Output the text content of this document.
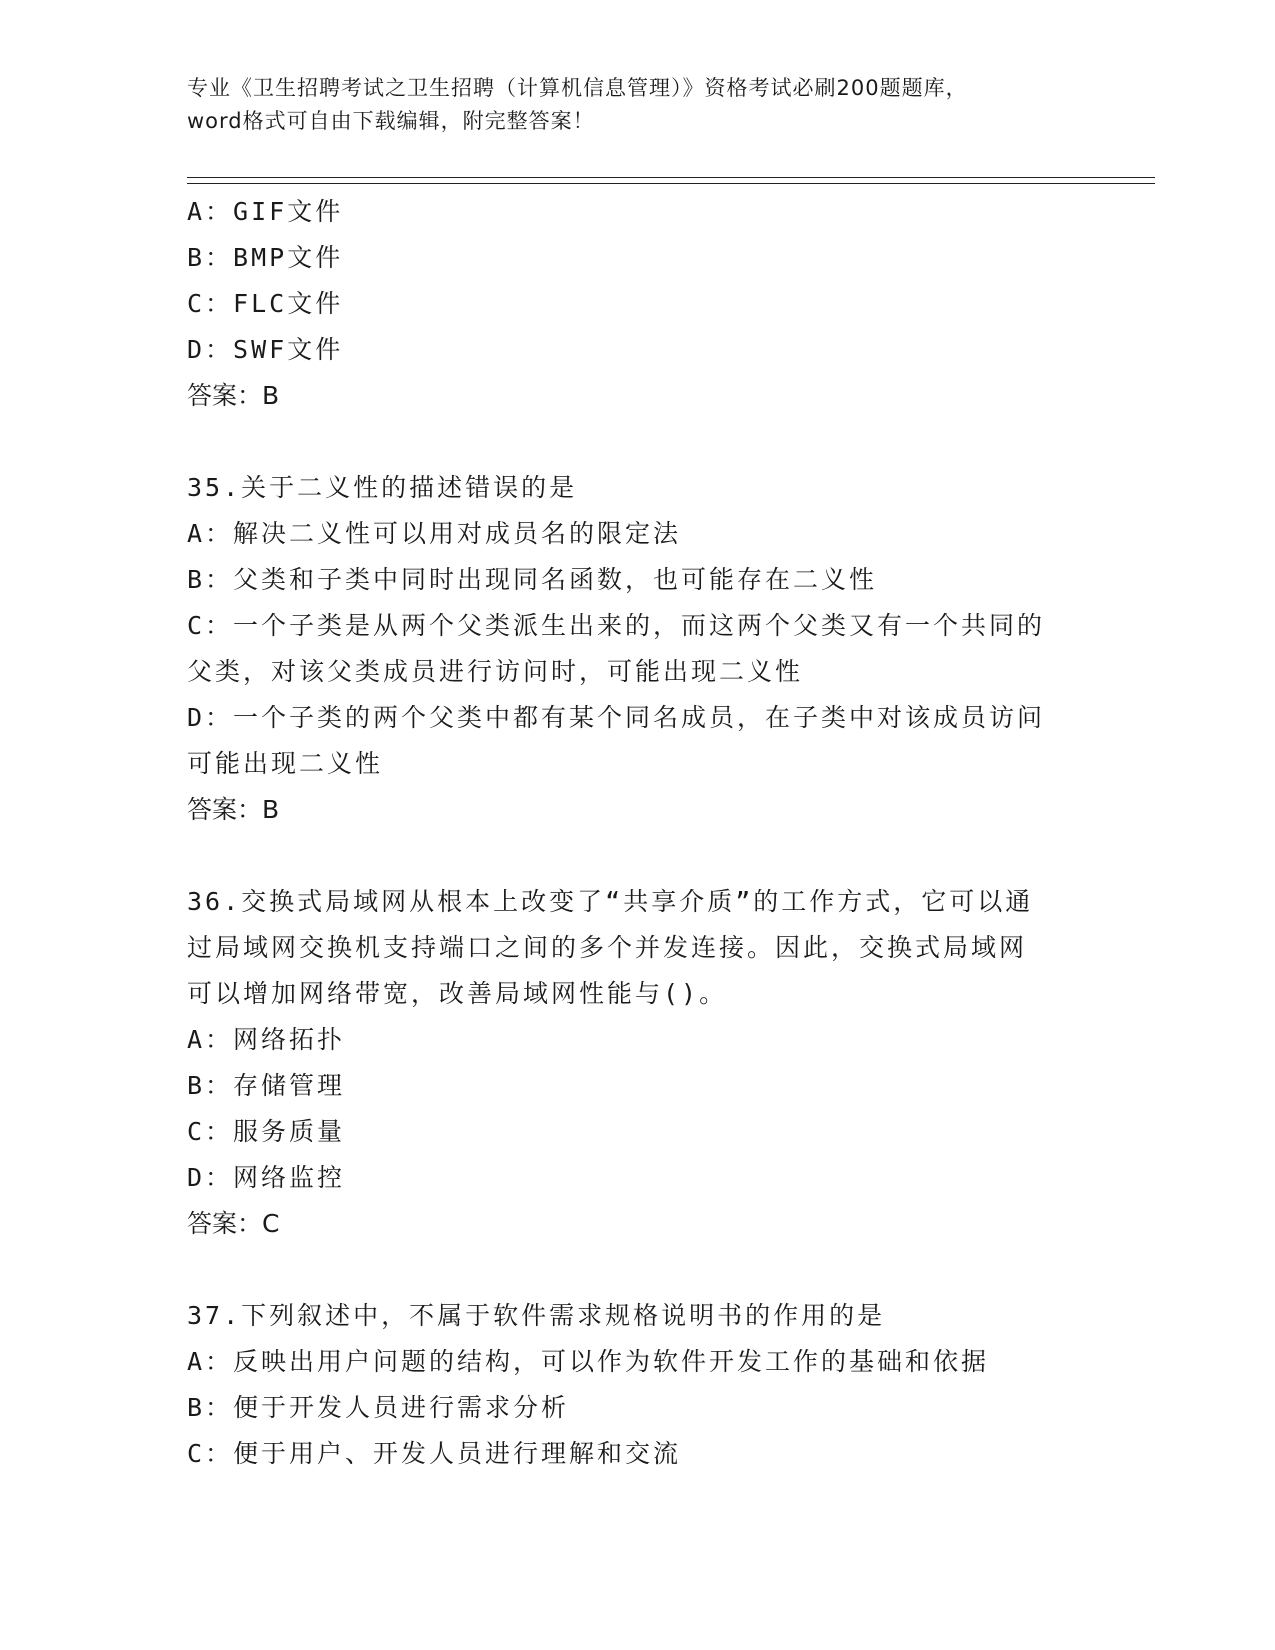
专业《卫生招聘考试之卫生招聘（计算机信息管理）》资格考试必刷200题题库，
word格式可自由下载编辑，附完整答案！
A：GIF文件
B：BMP文件
C：FLC文件
D：SWF文件
答案：B
35.关于二义性的描述错误的是
A：解决二义性可以用对成员名的限定法
B：父类和子类中同时出现同名函数，也可能存在二义性
C：一个子类是从两个父类派生出来的，而这两个父类又有一个共同的
父类，对该父类成员进行访问时，可能出现二义性
D：一个子类的两个父类中都有某个同名成员，在子类中对该成员访问
可能出现二义性
答案：B
36.交换式局域网从根本上改变了“共享介质”的工作方式，它可以通
过局域网交换机支持端口之间的多个并发连接。因此，交换式局域网
可以增加网络带宽，改善局域网性能与()。
A：网络拓扑
B：存储管理
C：服务质量
D：网络监控
答案：C
37.下列叙述中，不属于软件需求规格说明书的作用的是
A：反映出用户问题的结构，可以作为软件开发工作的基础和依据
B：便于开发人员进行需求分析
C：便于用户、开发人员进行理解和交流
